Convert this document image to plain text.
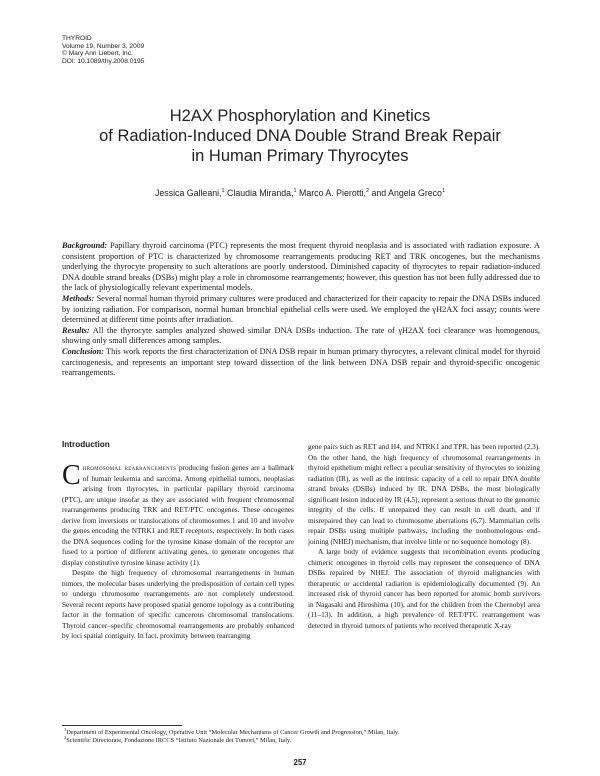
THYROID
Volume 19, Number 3, 2009
© Mary Ann Liebert, Inc.
DOI: 10.1089/thy.2008.0195
H2AX Phosphorylation and Kinetics
of Radiation-Induced DNA Double Strand Break Repair
in Human Primary Thyrocytes
Jessica Galleani,$^1$ Claudia Miranda,$^1$ Marco A. Pierotti,$^2$ and Angela Greco$^1$

Background: Papillary thyroid carcinoma (PTC) represents the most frequent thyroid neoplasia and is associated with radiation exposure. A consistent proportion of PTC is characterized by chromosome rearrangements producing RET and TRK oncogenes, but the mechanisms underlying the thyrocyte propensity to such alterations are poorly understood. Diminished capacity of thyrocytes to repair radiation-induced DNA double strand breaks (DSBs) might play a role in chromosome rearrangements; however, this question has not been fully addressed due to the lack of physiologically relevant experimental models.

Methods: Several normal human thyroid primary cultures were produced and characterized for their capacity to repair the DNA DSBs induced by ionizing radiation. For comparison, normal human bronchial epithelial cells were used. We employed the γH2AX foci assay; counts were determined at different time points after irradiation.

Results: All the thyrocyte samples analyzed showed similar DNA DSBs induction. The rate of γH2AX foci clearance was homogenous, showing only small differences among samples.

Conclusion: This work reports the first characterization of DNA DSB repair in human primary thyrocytes, a relevant clinical model for thyroid carcinogenesis, and represents an important step toward dissection of the link between DNA DSB repair and thyroid-specific oncogenic rearrangements.

Introduction

Chromosomal rearrangements producing fusion genes are a hallmark of human leukemia and sarcoma. Among epithelial tumors, neoplasias arising from thyrocytes, in particular papillary thyroid carcinoma (PTC), are unique insofar as they are associated with frequent chromosomal rearrangements producing TRK and RET/PTC oncogenes. These oncogenes derive from inversions or translocations of chromosomes 1 and 10 and involve the genes encoding the NTRK1 and RET receptors, respectively. In both cases the DNA sequences coding for the tyrosine kinase domain of the receptor are fused to a portion of different activating genes, to generate oncogenes that display constitutive tyrosine kinase activity (1).

Despite the high frequency of chromosomal rearrangements in human tumors, the molecular bases underlying the predisposition of certain cell types to undergo chromosome rearrangements are not completely understood. Several recent reports have proposed spatial genome topology as a contributing factor in the formation of specific cancerous chromosomal translocations. Thyroid cancer–specific chromosomal rearrangements are probably enhanced by loci spatial contiguity. In fact, proximity between rearranging

gene pairs such as RET and H4, and NTRK1 and TPR, has been reported (2,3). On the other hand, the high frequency of chromosomal rearrangements in thyroid epithelium might reflect a peculiar sensitivity of thyrocytes to ionizing radiation (IR), as well as the intrinsic capacity of a cell to repair DNA double strand breaks (DSBs) induced by IR. DNA DSBs, the most biologically significant lesion induced by IR (4,5), represent a serious threat to the genomic integrity of the cells. If unrepaired they can result in cell death, and if misrepaired they can lead to chromosome aberrations (6,7). Mammalian cells repair DSBs using multiple pathways, including the nonhomologous end-joining (NHEJ) mechanism, that involve little or no sequence homology (8).

A large body of evidence suggests that recombination events producing chimeric oncogenes in thyroid cells may represent the consequence of DNA DSBs repaired by NHEJ. The association of thyroid malignancies with therapeutic or accidental radiation is epidemiologically documented (9). An increased risk of thyroid cancer has been reported for atomic bomb survivors in Nagasaki and Hiroshima (10), and for the children from the Chernobyl area (11–13). In addition, a high prevalence of RET/PTC rearrangement was detected in thyroid tumors of patients who received therapeutic X-ray

$^1$Department of Experimental Oncology, Operative Unit “Molecular Mechanisms of Cancer Growth and Progression,” Milan, Italy.
$^2$Scientific Directorate, Fondazione IRCCS “Istituto Nazionale dei Tumori,” Milan, Italy.
257
